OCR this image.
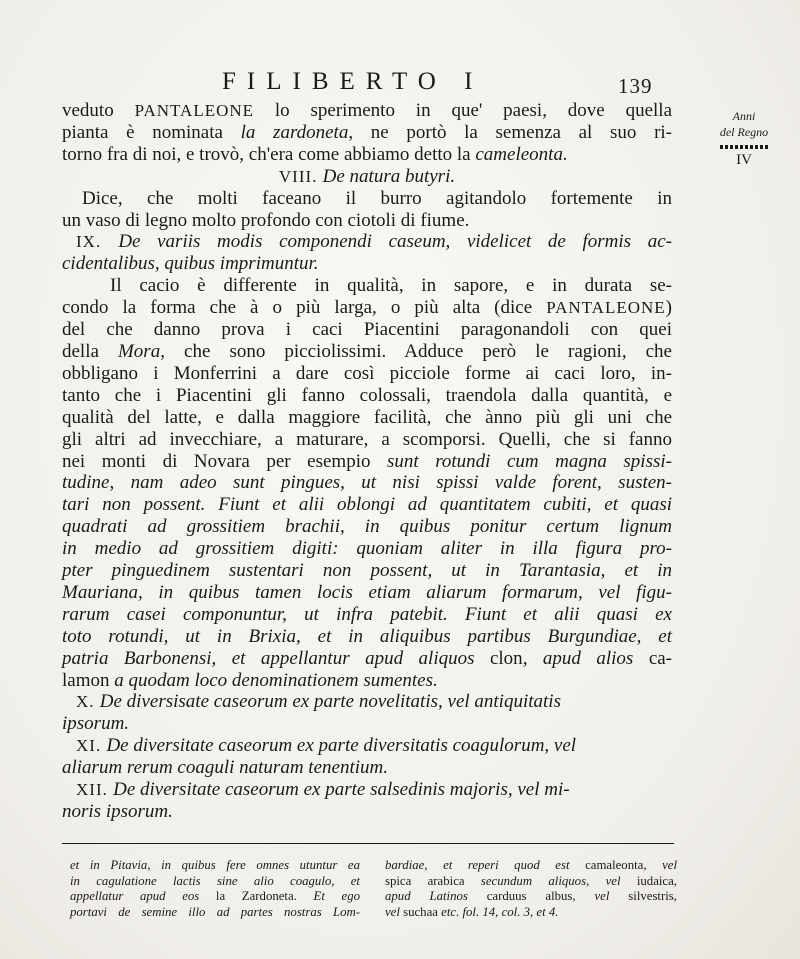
FILIBERTO I	139
Anni
del Regno
IV
veduto PANTALEONE lo sperimento in que' paesi, dove quella
pianta è nominata la zardoneta, ne portò la semenza al suo ri-
torno fra di noi, e trovò, ch'era come abbiamo detto la cameleonta.
VIII. De natura butyri.
Dice, che molti faceano il burro agitandolo fortemente in
un vaso di legno molto profondo con ciotoli di fiume.
IX. De variis modis componendi caseum, videlicet de formis ac-
cidentalibus, quibus imprimuntur.
Il cacio è differente in qualità, in sapore, e in durata se-
condo la forma che à o più larga, o più alta (dice PANTALEONE)
del che danno prova i caci Piacentini paragonandoli con quei
della Mora, che sono picciolissimi. Adduce però le ragioni, che
obbligano i Monferrini a dare così picciole forme ai caci loro, in-
tanto che i Piacentini gli fanno colossali, traendola dalla quantità, e
qualità del latte, e dalla maggiore facilità, che ànno più gli uni che
gli altri ad invecchiare, a maturare, a scomporsi. Quelli, che si fanno
nei monti di Novara per esempio sunt rotundi cum magna spissi-
tudine, nam adeo sunt pingues, ut nisi spissi valde forent, susten-
tari non possent. Fiunt et alii oblongi ad quantitatem cubiti, et quasi
quadrati ad grossitiem brachii, in quibus ponitur certum lignum
in medio ad grossitiem digiti: quoniam aliter in illa figura pro-
pter pinguedinem sustentari non possent, ut in Tarantasia, et in
Mauriana, in quibus tamen locis etiam aliarum formarum, vel figu-
rarum casei componuntur, ut infra patebit. Fiunt et alii quasi ex
toto rotundi, ut in Brixia, et in aliquibus partibus Burgundiae, et
patria Barbonensi, et appellantur apud aliquos clon, apud alios ca-
lamon a quodam loco denominationem sumentes.
X. De diversisate caseorum ex parte novelitatis, vel antiquitatis
ipsorum.
XI. De diversitate caseorum ex parte diversitatis coagulorum, vel
aliarum rerum coaguli naturam tenentium.
XII. De diversitate caseorum ex parte salsedinis majoris, vel mi-
noris ipsorum.
et in Pitavia, in quibus fere omnes utuntur ea
in cagulatione lactis sine alio coagulo, et
appellatur apud eos la Zardoneta. Et ego
portavi de semine illo ad partes nostras Lom-
bardiae, et reperi quod est camaleonta, vel
spica arabica secundum aliquos, vel iudaica,
apud Latinos carduus albus, vel silvestris,
vel suchaa etc. fol. 14, col. 3, et 4.
